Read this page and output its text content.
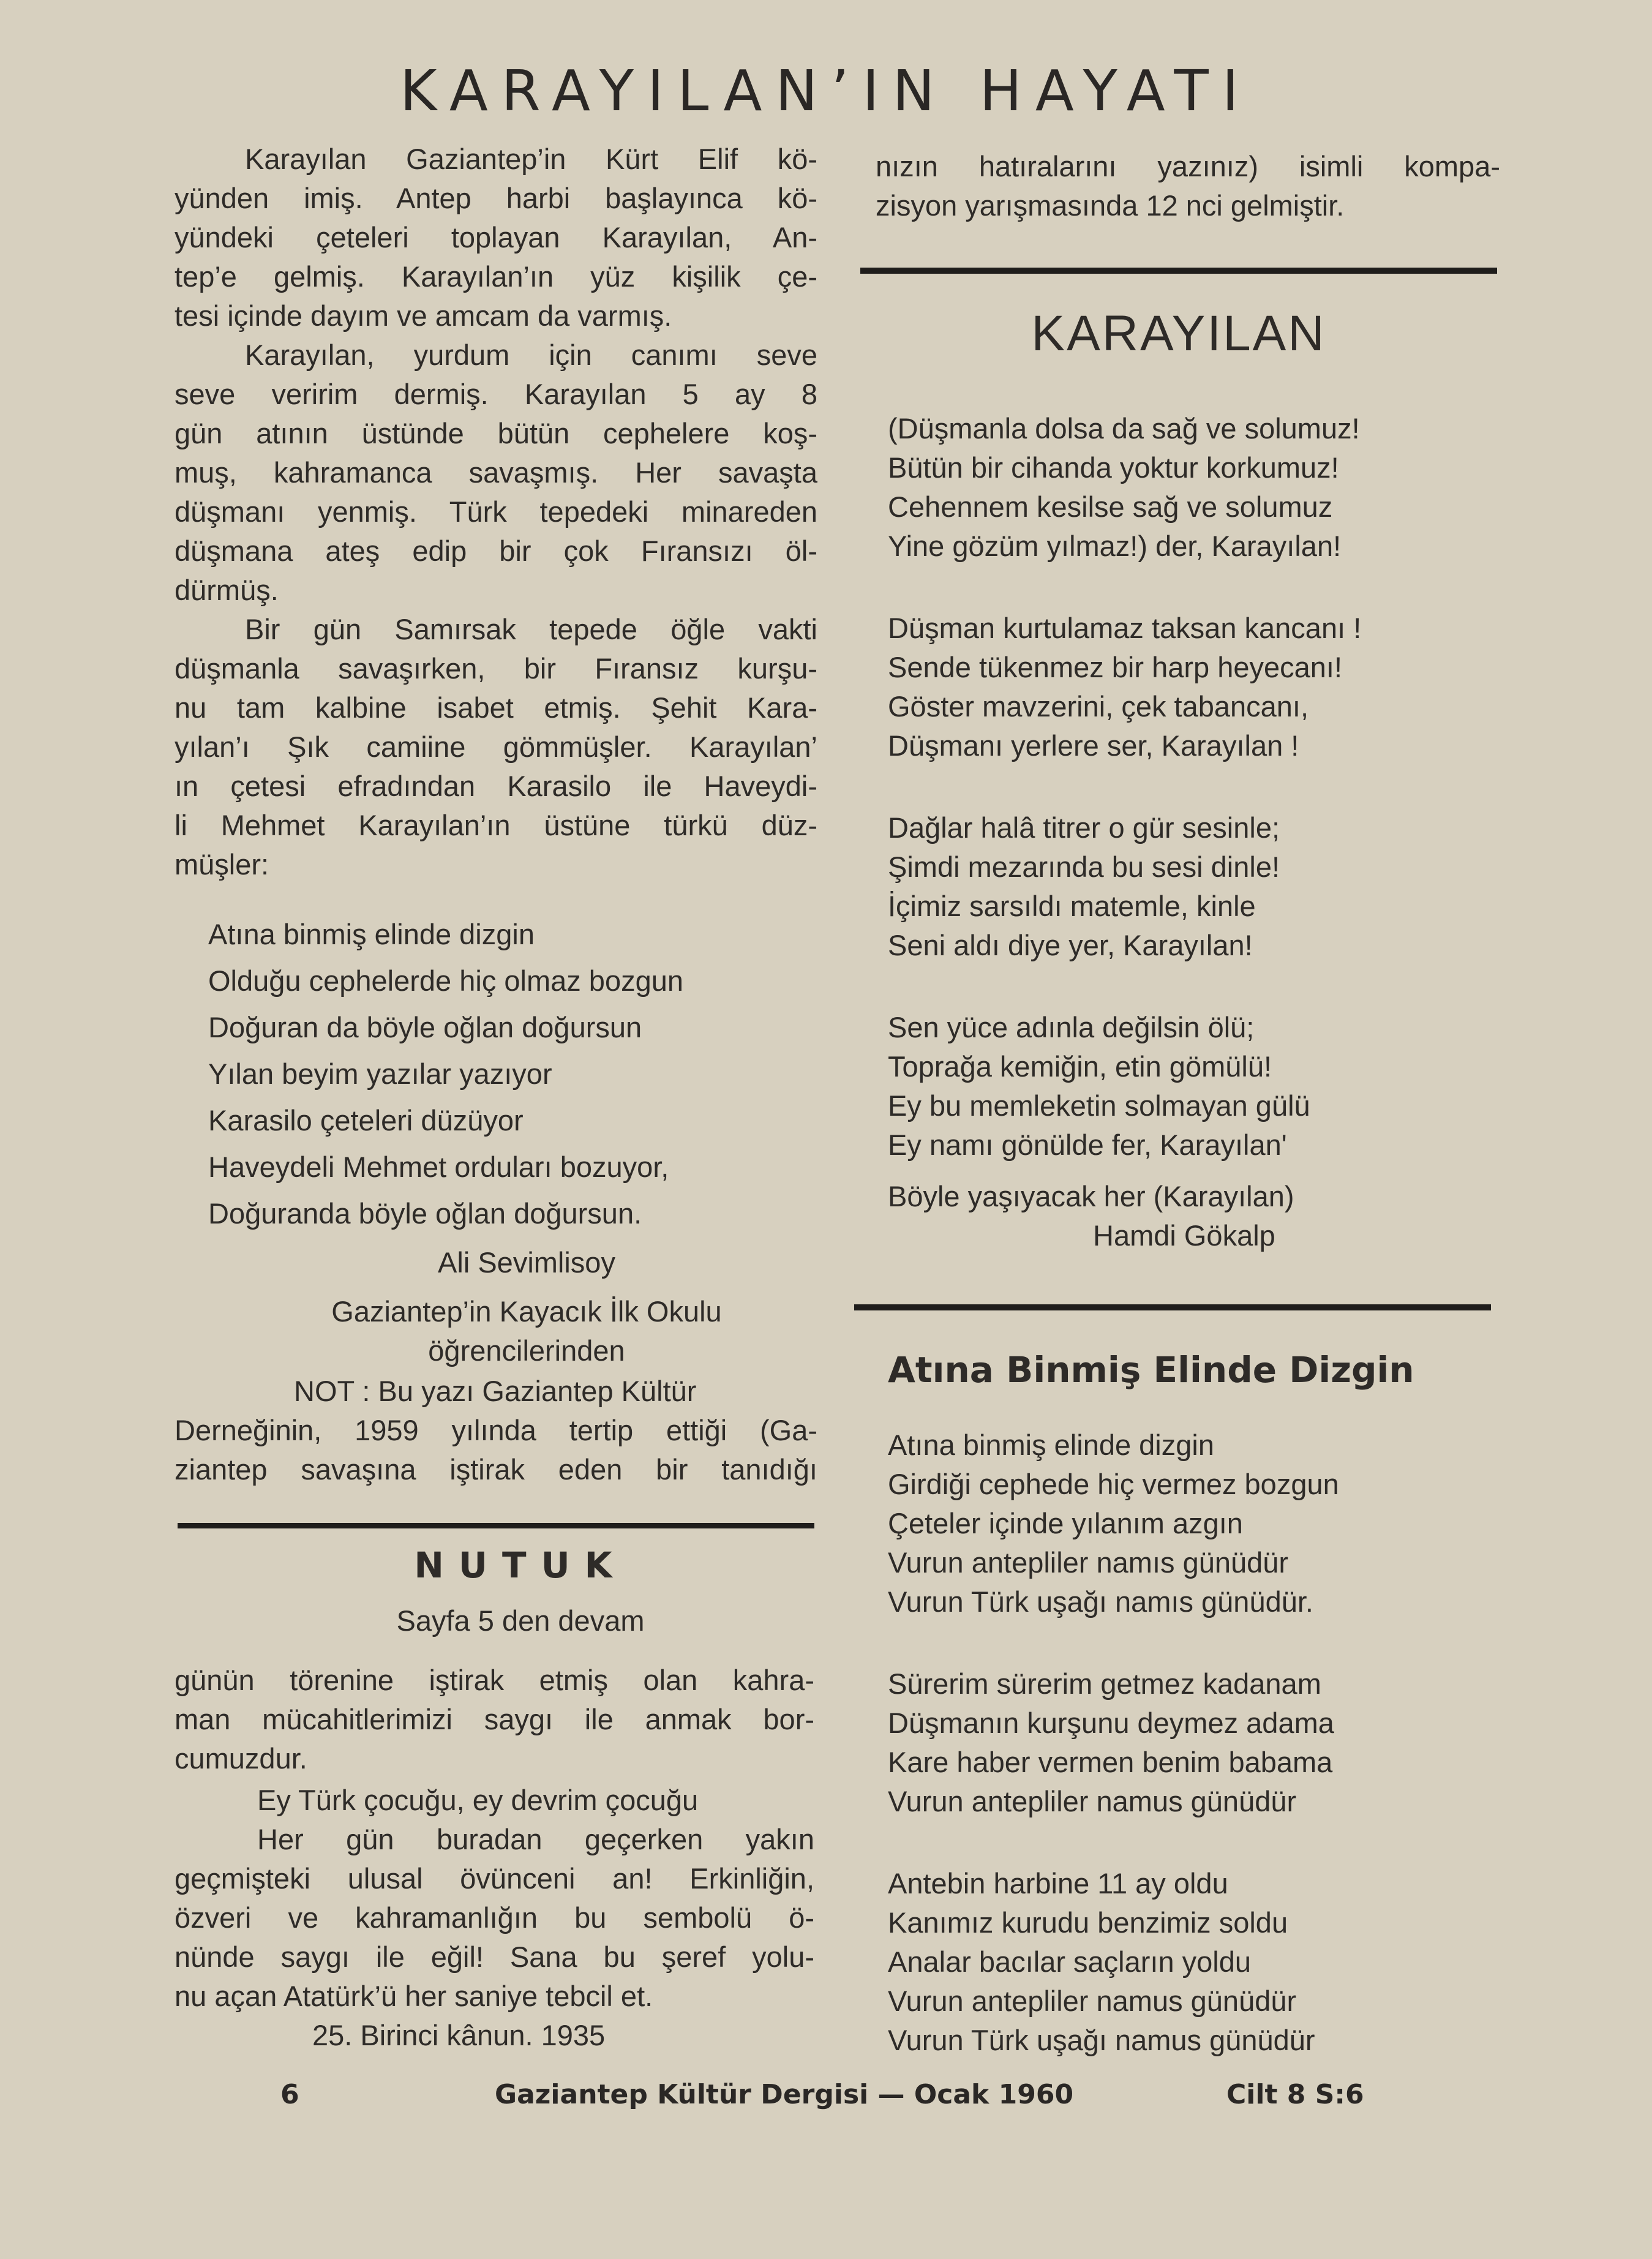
KARAYILAN’IN HAYATI
Karayılan Gaziantep’in Kürt Elif kö-
yünden imiş. Antep harbi başlayınca kö-
yündeki çeteleri toplayan Karayılan, An-
tep’e gelmiş. Karayılan’ın yüz kişilik çe-
tesi içinde dayım ve amcam da varmış.
Karayılan, yurdum için canımı seve
seve veririm dermiş. Karayılan 5 ay 8
gün atının üstünde bütün cephelere koş-
muş, kahramanca savaşmış. Her savaşta
düşmanı yenmiş. Türk tepedeki minareden
düşmana ateş edip bir çok Fıransızı öl-
dürmüş.
Bir gün Samırsak tepede öğle vakti
düşmanla savaşırken, bir Fıransız kurşu-
nu tam kalbine isabet etmiş. Şehit Kara-
yılan’ı Şık camiine gömmüşler. Karayılan’
ın çetesi efradından Karasilo ile Haveydi-
li Mehmet Karayılan’ın üstüne türkü düz-
müşler:
Atına binmiş elinde dizgin
Olduğu cephelerde hiç olmaz bozgun
Doğuran da böyle oğlan doğursun
Yılan beyim yazılar yazıyor
Karasilo çeteleri düzüyor
Haveydeli Mehmet orduları bozuyor,
Doğuranda böyle oğlan doğursun.
Ali Sevimlisoy
Gaziantep’in Kayacık İlk Okulu
öğrencilerinden
NOT : Bu yazı Gaziantep Kültür
Derneğinin, 1959 yılında tertip ettiği (Ga-
ziantep savaşına iştirak eden bir tanıdığı
NUTUK
Sayfa 5 den devam
günün törenine iştirak etmiş olan kahra-
man mücahitlerimizi saygı ile anmak bor-
cumuzdur.
Ey Türk çocuğu, ey devrim çocuğu
Her gün buradan geçerken yakın
geçmişteki ulusal övünceni an! Erkinliğin,
özveri ve kahramanlığın bu sembolü ö-
nünde saygı ile eğil! Sana bu şeref yolu-
nu açan Atatürk’ü her saniye tebcil et.
25. Birinci kânun. 1935
nızın hatıralarını yazınız) isimli kompa-
zisyon yarışmasında 12 nci gelmiştir.
KARAYILAN
(Düşmanla dolsa da sağ ve solumuz!
Bütün bir cihanda yoktur korkumuz!
Cehennem kesilse sağ ve solumuz
Yine gözüm yılmaz!) der, Karayılan!
Düşman kurtulamaz taksan kancanı !
Sende tükenmez bir harp heyecanı!
Göster mavzerini, çek tabancanı,
Düşmanı yerlere ser, Karayılan !
Dağlar halâ titrer o gür sesinle;
Şimdi mezarında bu sesi dinle!
İçimiz sarsıldı matemle, kinle
Seni aldı diye yer, Karayılan!
Sen yüce adınla değilsin ölü;
Toprağa kemiğin, etin gömülü!
Ey bu memleketin solmayan gülü
Ey namı gönülde fer, Karayılan'
Böyle yaşıyacak her (Karayılan)
Hamdi Gökalp
Atına Binmiş Elinde Dizgin
Atına binmiş elinde dizgin
Girdiği cephede hiç vermez bozgun
Çeteler içinde yılanım azgın
Vurun antepliler namıs günüdür
Vurun Türk uşağı namıs günüdür.
Sürerim sürerim getmez kadanam
Düşmanın kurşunu deymez adama
Kare haber vermen benim babama
Vurun antepliler namus günüdür
Antebin harbine 11 ay oldu
Kanımız kurudu benzimiz soldu
Analar bacılar saçların yoldu
Vurun antepliler namus günüdür
Vurun Türk uşağı namus günüdür
6	Gaziantep Kültür Dergisi — Ocak 1960	Cilt 8 S:6
